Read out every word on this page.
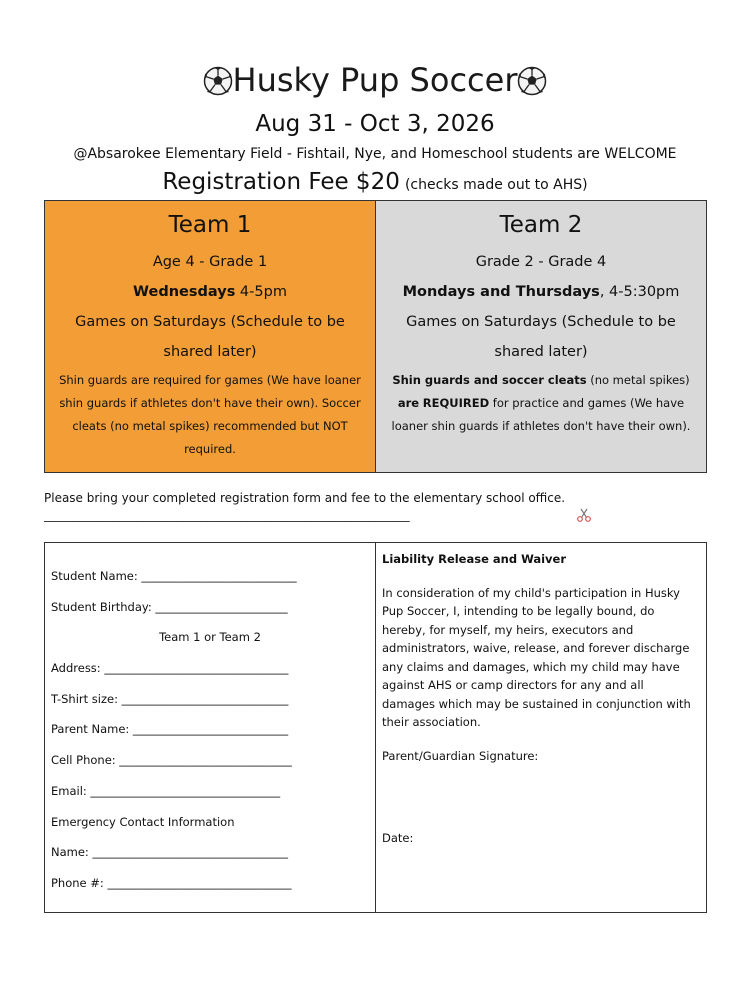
Husky Pup Soccer
Aug 31 - Oct 3, 2026
@Absarokee Elementary Field - Fishtail, Nye, and Homeschool students are WELCOME
Registration Fee $20 (checks made out to AHS)
Team 1
Age 4 - Grade 1
Wednesdays 4-5pm
Games on Saturdays (Schedule to be
shared later)
Shin guards are required for games (We have loaner shin guards if athletes don't have their own). Soccer cleats (no metal spikes) recommended but NOT required.
Team 2
Grade 2 - Grade 4
Mondays and Thursdays, 4-5:30pm
Games on Saturdays (Schedule to be
shared later)
Shin guards and soccer cleats (no metal spikes) are REQUIRED for practice and games (We have loaner shin guards if athletes don't have their own).
Please bring your completed registration form and fee to the elementary school office.
_______________________________________________________________
Student Name: ___________________________
Student Birthday: _______________________
Team 1 or Team 2
Address: ________________________________
T-Shirt size: _____________________________
Parent Name: ___________________________
Cell Phone: ______________________________
Email: _________________________________
Emergency Contact Information
Name: __________________________________
Phone #: ________________________________
Liability Release and Waiver
In consideration of my child's participation in Husky Pup Soccer, I, intending to be legally bound, do hereby, for myself, my heirs, executors and administrators, waive, release, and forever discharge any claims and damages, which my child may have against AHS or camp directors for any and all damages which may be sustained in conjunction with their association.
Parent/Guardian Signature:
Date:
